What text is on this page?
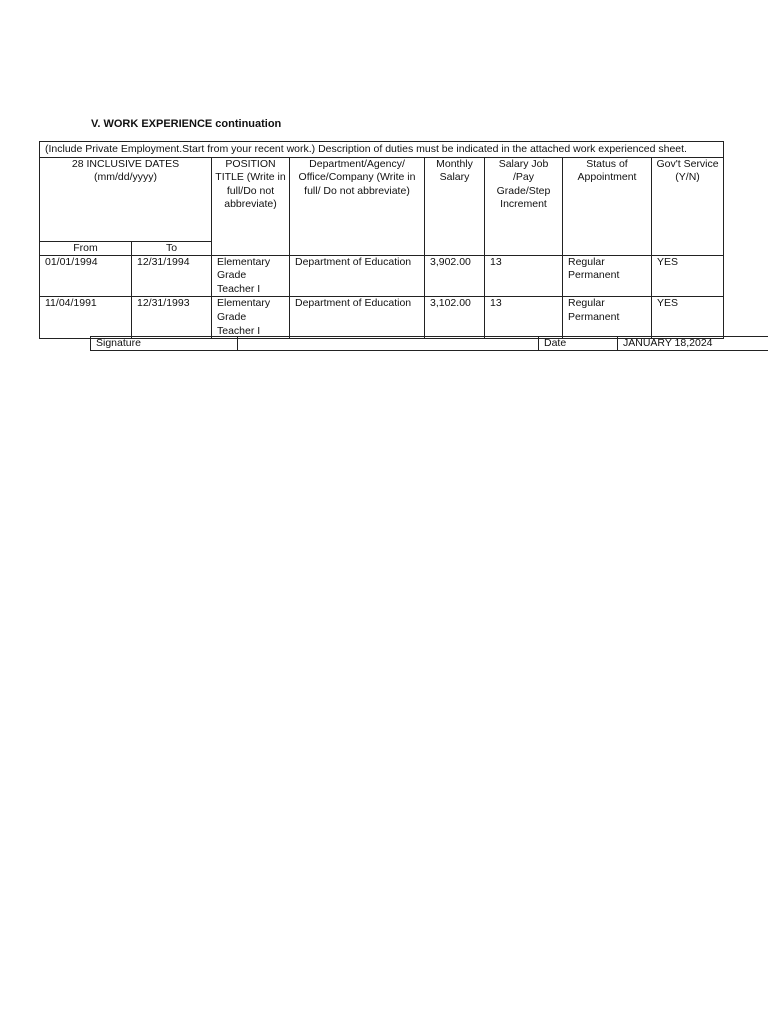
V. WORK EXPERIENCE continuation
(Include Private Employment.Start from your recent work.) Description of duties must be indicated in the attached work experienced sheet.							
28 INCLUSIVE DATES (mm/dd/yyyy)		POSITION TITLE (Write in full/Do not abbreviate)	Department/Agency/ Office/Company (Write in full/ Do not abbreviate)	Monthly Salary	Salary Job /Pay Grade/Step Increment	Status of Appointment	Gov't Service (Y/N)
From	To						
01/01/1994	12/31/1994	Elementary Grade Teacher I	Department of Education	3,902.00	13	Regular Permanent	YES
11/04/1991	12/31/1993	Elementary Grade Teacher I	Department of Education	3,102.00	13	Regular Permanent	YES
Signature		Date	JANUARY 18,2024
